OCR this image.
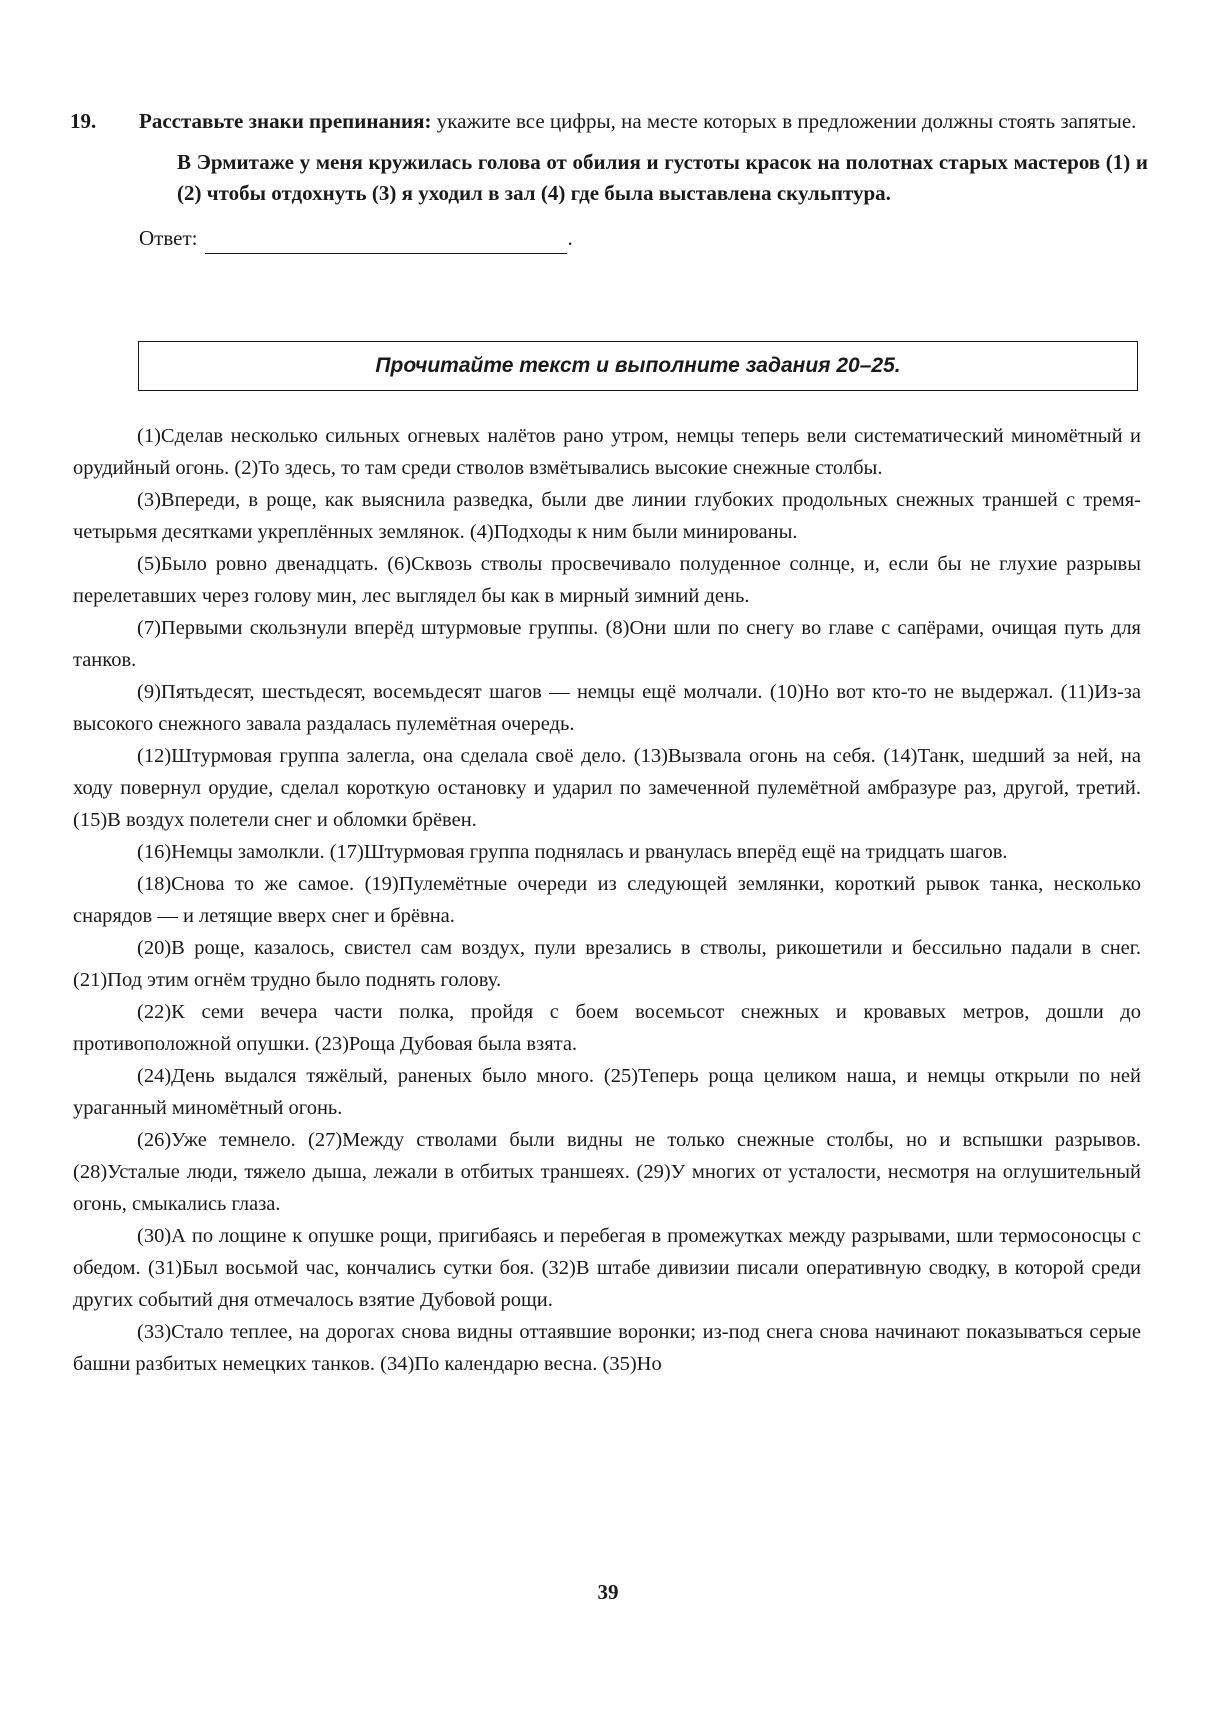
19. Расставьте знаки препинания: укажите все цифры, на месте которых в предложении должны стоять запятые.

В Эрмитаже у меня кружилась голова от обилия и густоты красок на полотнах старых мастеров (1) и (2) чтобы отдохнуть (3) я уходил в зал (4) где была выставлена скульптура.

Ответ:	.
Прочитайте текст и выполните задания 20–25.

(1)Сделав несколько сильных огневых налётов рано утром, немцы теперь вели систематический миномётный и орудийный огонь. (2)То здесь, то там среди стволов взмётывались высокие снежные столбы.

(3)Впереди, в роще, как выяснила разведка, были две линии глубоких продольных снежных траншей с тремя-четырьмя десятками укреплённых землянок. (4)Подходы к ним были минированы.

(5)Было ровно двенадцать. (6)Сквозь стволы просвечивало полуденное солнце, и, если бы не глухие разрывы перелетавших через голову мин, лес выглядел бы как в мирный зимний день.

(7)Первыми скользнули вперёд штурмовые группы. (8)Они шли по снегу во главе с сапёрами, очищая путь для танков.

(9)Пятьдесят, шестьдесят, восемьдесят шагов — немцы ещё молчали. (10)Но вот кто-то не выдержал. (11)Из-за высокого снежного завала раздалась пулемётная очередь.

(12)Штурмовая группа залегла, она сделала своё дело. (13)Вызвала огонь на себя. (14)Танк, шедший за ней, на ходу повернул орудие, сделал короткую остановку и ударил по замеченной пулемётной амбразуре раз, другой, третий. (15)В воздух полетели снег и обломки брёвен.

(16)Немцы замолкли. (17)Штурмовая группа поднялась и рванулась вперёд ещё на тридцать шагов.

(18)Снова то же самое. (19)Пулемётные очереди из следующей землянки, короткий рывок танка, несколько снарядов — и летящие вверх снег и брёвна.

(20)В роще, казалось, свистел сам воздух, пули врезались в стволы, рикошетили и бессильно падали в снег. (21)Под этим огнём трудно было поднять голову.

(22)К семи вечера части полка, пройдя с боем восемьсот снежных и кровавых метров, дошли до противоположной опушки. (23)Роща Дубовая была взята.

(24)День выдался тяжёлый, раненых было много. (25)Теперь роща целиком наша, и немцы открыли по ней ураганный миномётный огонь.

(26)Уже темнело. (27)Между стволами были видны не только снежные столбы, но и вспышки разрывов. (28)Усталые люди, тяжело дыша, лежали в отбитых траншеях. (29)У многих от усталости, несмотря на оглушительный огонь, смыкались глаза.

(30)А по лощине к опушке рощи, пригибаясь и перебегая в промежутках между разрывами, шли термосоносцы с обедом. (31)Был восьмой час, кончались сутки боя. (32)В штабе дивизии писали оперативную сводку, в которой среди других событий дня отмечалось взятие Дубовой рощи.

(33)Стало теплее, на дорогах снова видны оттаявшие воронки; из-под снега снова начинают показываться серые башни разбитых немецких танков. (34)По календарю весна. (35)Но

39
